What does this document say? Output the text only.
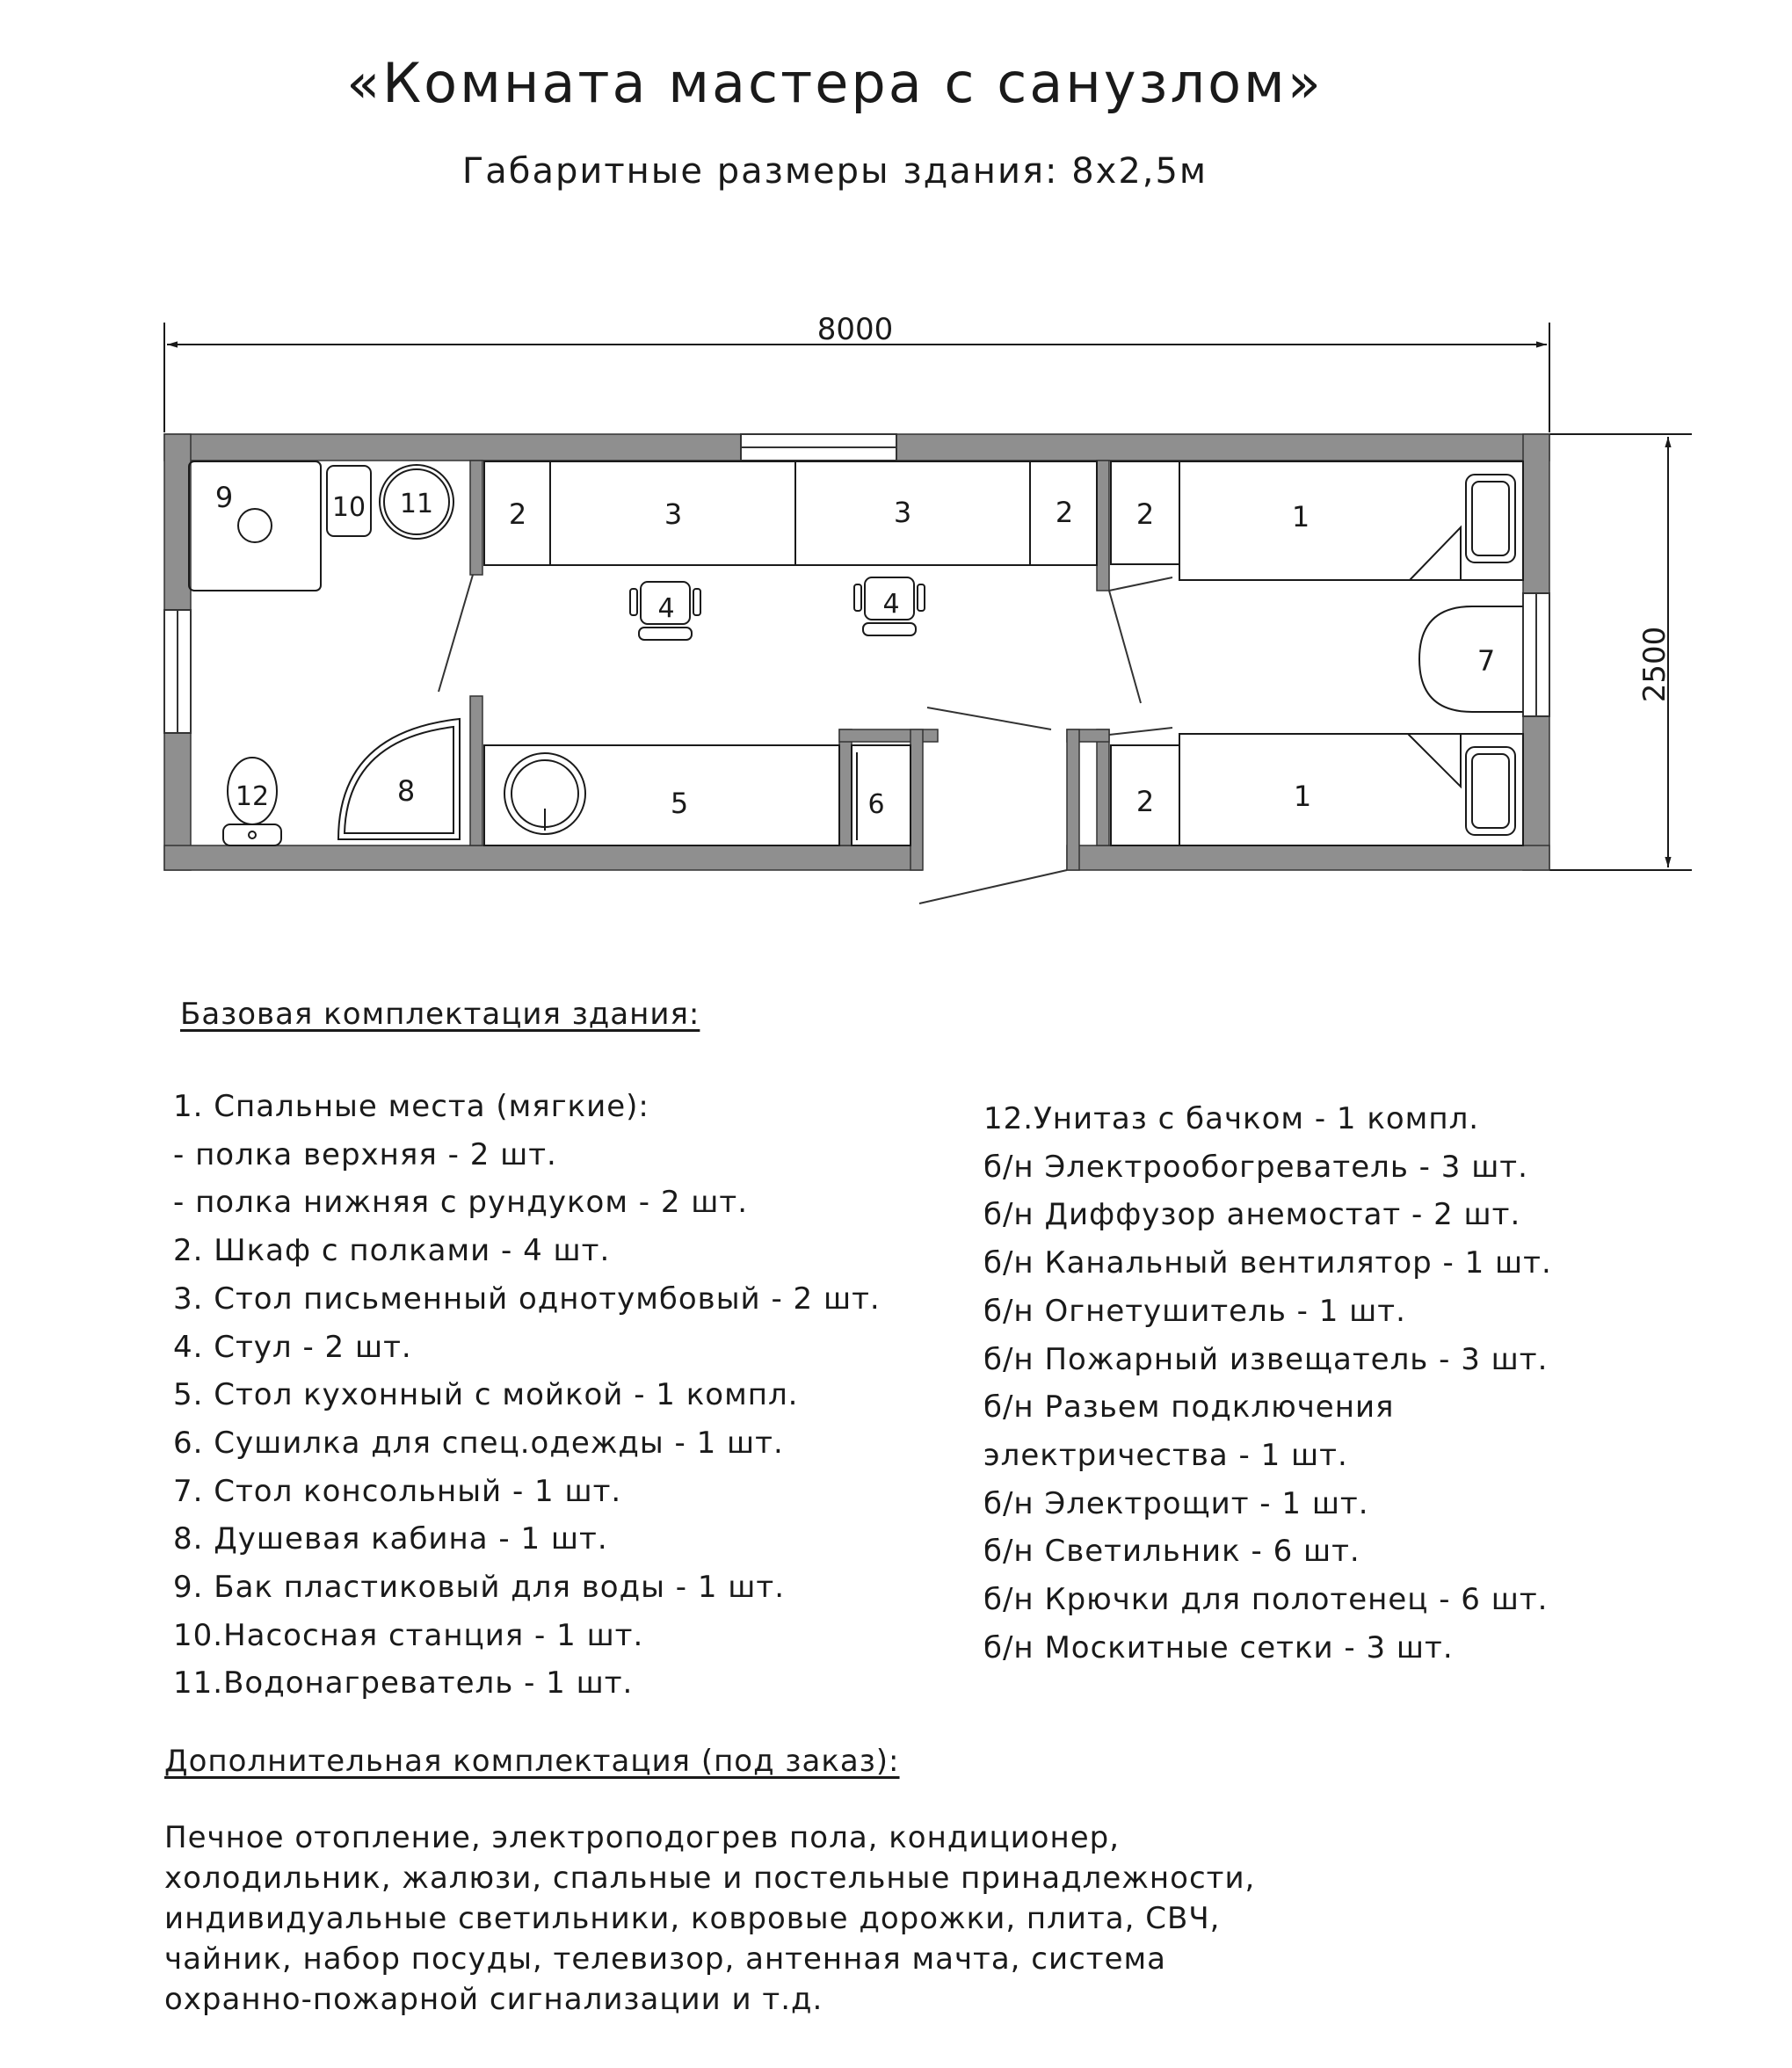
«Комната мастера с санузлом»
Габаритные размеры здания: 8х2,5м
8000
2500
9	10 11
8
12
2	3	3	2
5	6
4	4
2	1
7
2	1
Базовая комплектация здания:
1. Спальные места (мягкие):
- полка верхняя - 2 шт.
- полка нижняя с рундуком - 2 шт.
2. Шкаф с полками - 4 шт.
3. Стол письменный однотумбовый - 2 шт.
4. Стул - 2 шт.
5. Стол кухонный с мойкой - 1 компл.
6. Сушилка для спец.одежды - 1 шт.
7. Стол консольный - 1 шт.
8. Душевая кабина - 1 шт.
9. Бак пластиковый для воды - 1 шт.
10.Насосная станция - 1 шт.
11.Водонагреватель - 1 шт.
12.Унитаз с бачком - 1 компл.
б/н Электрообогреватель - 3 шт.
б/н Диффузор анемостат - 2 шт.
б/н Канальный вентилятор - 1 шт.
б/н Огнетушитель - 1 шт.
б/н Пожарный извещатель - 3 шт.
б/н Разьем подключения
электричества - 1 шт.
б/н Электрощит - 1 шт.
б/н Светильник - 6 шт.
б/н Крючки для полотенец - 6 шт.
б/н Москитные сетки - 3 шт.
Дополнительная комплектация (под заказ):
Печное отопление, электроподогрев пола, кондиционер, холодильник, жалюзи, спальные и постельные принадлежности, индивидуальные светильники, ковровые дорожки, плита, СВЧ, чайник, набор посуды, телевизор, антенная мачта, система охранно-пожарной сигнализации и т.д.
